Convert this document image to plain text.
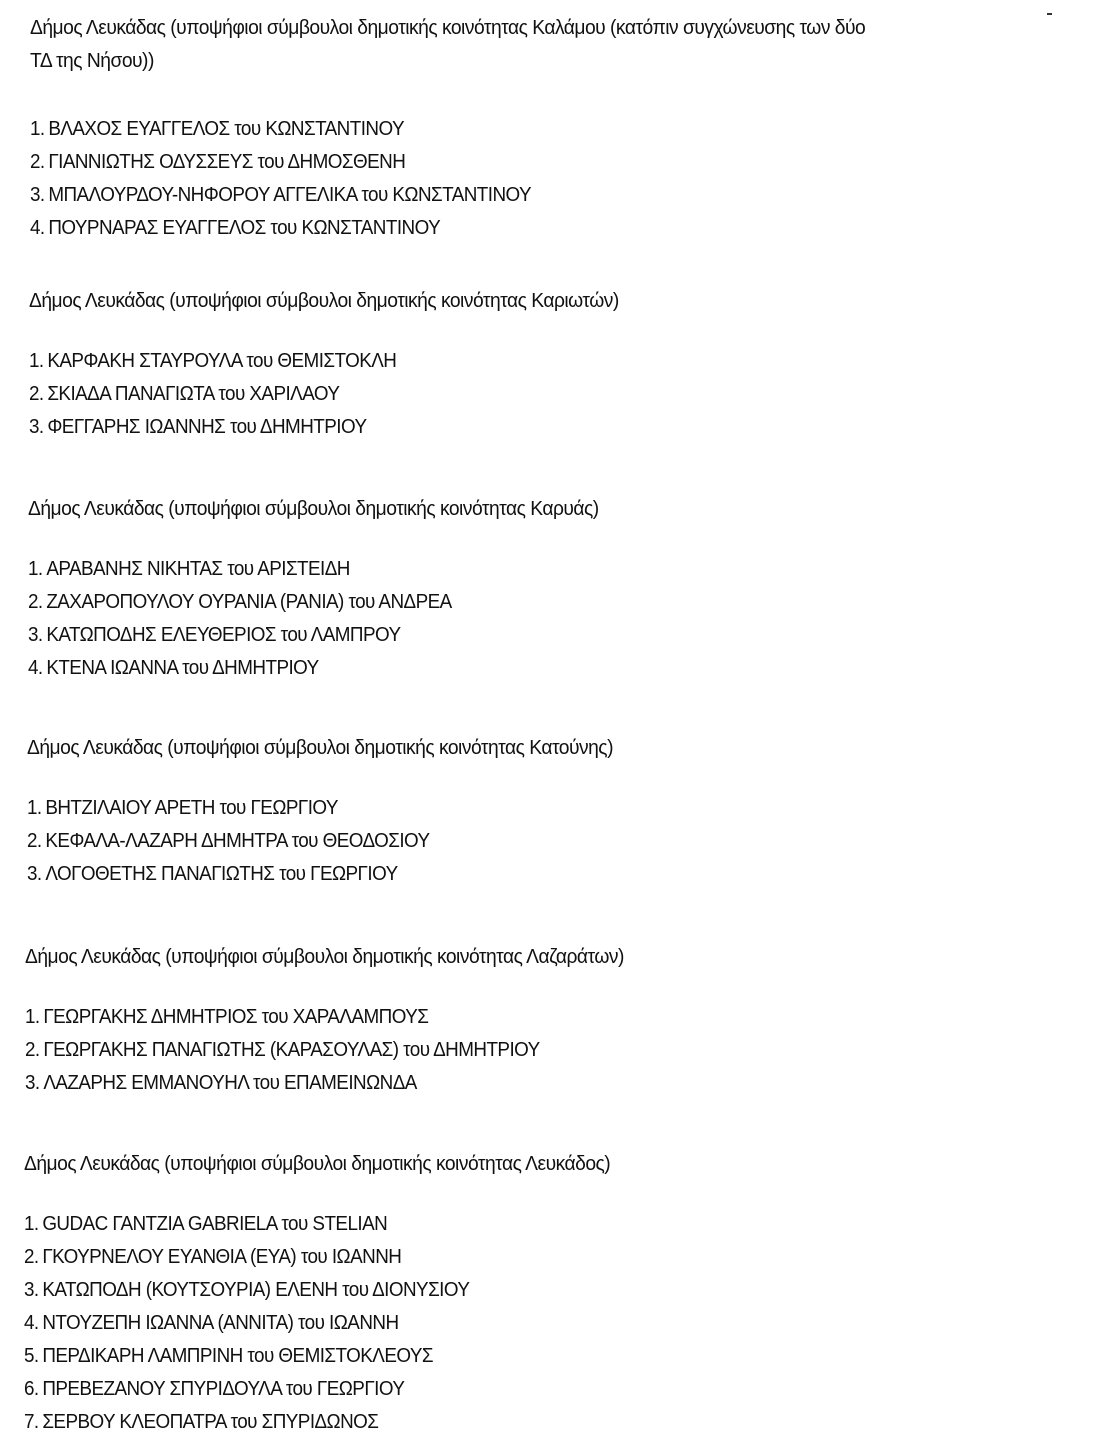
Δήμος Λευκάδας (υποψήφιοι σύμβουλοι δημοτικής κοινότητας Καλάμου (κατόπιν συγχώνευσης των δύο ΤΔ της Νήσου))
1. ΒΛΑΧΟΣ ΕΥΑΓΓΕΛΟΣ του ΚΩΝΣΤΑΝΤΙΝΟΥ
2. ΓΙΑΝΝΙΩΤΗΣ ΟΔΥΣΣΕΥΣ του ΔΗΜΟΣΘΕΝΗ
3. ΜΠΑΛΟΥΡΔΟΥ-ΝΗΦΟΡΟΥ ΑΓΓΕΛΙΚΑ του ΚΩΝΣΤΑΝΤΙΝΟΥ
4. ΠΟΥΡΝΑΡΑΣ ΕΥΑΓΓΕΛΟΣ του ΚΩΝΣΤΑΝΤΙΝΟΥ
Δήμος Λευκάδας (υποψήφιοι σύμβουλοι δημοτικής κοινότητας Καριωτών)
1. ΚΑΡΦΑΚΗ ΣΤΑΥΡΟΥΛΑ του ΘΕΜΙΣΤΟΚΛΗ
2. ΣΚΙΑΔΑ ΠΑΝΑΓΙΩΤΑ του ΧΑΡΙΛΑΟΥ
3. ΦΕΓΓΑΡΗΣ ΙΩΑΝΝΗΣ του ΔΗΜΗΤΡΙΟΥ
Δήμος Λευκάδας (υποψήφιοι σύμβουλοι δημοτικής κοινότητας Καρυάς)
1. ΑΡΑΒΑΝΗΣ ΝΙΚΗΤΑΣ του ΑΡΙΣΤΕΙΔΗ
2. ΖΑΧΑΡΟΠΟΥΛΟΥ ΟΥΡΑΝΙΑ (ΡΑΝΙΑ) του ΑΝΔΡΕΑ
3. ΚΑΤΩΠΟΔΗΣ ΕΛΕΥΘΕΡΙΟΣ του ΛΑΜΠΡΟΥ
4. ΚΤΕΝΑ ΙΩΑΝΝΑ του ΔΗΜΗΤΡΙΟΥ
Δήμος Λευκάδας (υποψήφιοι σύμβουλοι δημοτικής κοινότητας Κατούνης)
1. ΒΗΤΖΙΛΑΙΟΥ ΑΡΕΤΗ του ΓΕΩΡΓΙΟΥ
2. ΚΕΦΑΛΑ-ΛΑΖΑΡΗ ΔΗΜΗΤΡΑ του ΘΕΟΔΟΣΙΟΥ
3. ΛΟΓΟΘΕΤΗΣ ΠΑΝΑΓΙΩΤΗΣ του ΓΕΩΡΓΙΟΥ
Δήμος Λευκάδας (υποψήφιοι σύμβουλοι δημοτικής κοινότητας Λαζαράτων)
1. ΓΕΩΡΓΑΚΗΣ ΔΗΜΗΤΡΙΟΣ του ΧΑΡΑΛΑΜΠΟΥΣ
2. ΓΕΩΡΓΑΚΗΣ ΠΑΝΑΓΙΩΤΗΣ (ΚΑΡΑΣΟΥΛΑΣ) του ΔΗΜΗΤΡΙΟΥ
3. ΛΑΖΑΡΗΣ ΕΜΜΑΝΟΥΗΛ του ΕΠΑΜΕΙΝΩΝΔΑ
Δήμος Λευκάδας (υποψήφιοι σύμβουλοι δημοτικής κοινότητας Λευκάδος)
1. GUDAC ΓΑΝΤΖΙΑ GABRIELA του STELIAN
2. ΓΚΟΥΡΝΕΛΟΥ ΕΥΑΝΘΙΑ (ΕΥΑ) του ΙΩΑΝΝΗ
3. ΚΑΤΩΠΟΔΗ (ΚΟΥΤΣΟΥΡΙΑ) ΕΛΕΝΗ του ΔΙΟΝΥΣΙΟΥ
4. ΝΤΟΥΖΕΠΗ ΙΩΑΝΝΑ (ΑΝΝΙΤΑ) του ΙΩΑΝΝΗ
5. ΠΕΡΔΙΚΑΡΗ ΛΑΜΠΡΙΝΗ του ΘΕΜΙΣΤΟΚΛΕΟΥΣ
6. ΠΡΕΒΕΖΑΝΟΥ ΣΠΥΡΙΔΟΥΛΑ του ΓΕΩΡΓΙΟΥ
7. ΣΕΡΒΟΥ ΚΛΕΟΠΑΤΡΑ του ΣΠΥΡΙΔΩΝΟΣ
